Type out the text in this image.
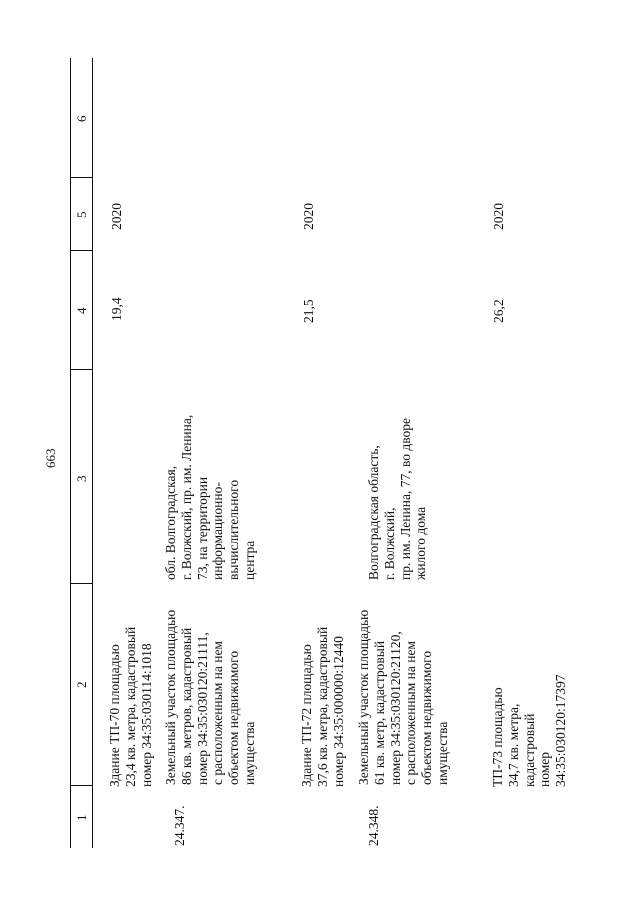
663
6
5
4
3
2
1
Здание ТП-70 площадью
23,4 кв. метра, кадастровый
номер 34:35:030114:1018
19,4
2020
24.347.
Земельный участок площадью
86 кв. метров, кадастровый
номер 34:35:030120:21111,
с расположенным на нем
объектом недвижимого
имущества
обл. Волгоградская,
г. Волжский, пр. им. Ленина,
73, на территории
информационно-
вычислительного
центра
Здание ТП-72 площадью
37,6 кв. метра, кадастровый
номер 34:35:000000:12440
21,5
2020
24.348.
Земельный участок площадью
61 кв. метр, кадастровый
номер 34:35:030120:21120,
с расположенным на нем
объектом недвижимого
имущества
Волгоградская область,
г. Волжский,
пр. им. Ленина, 77, во дворе
жилого дома
ТП-73 площадью
34,7 кв. метра, кадастровый
номер 34:35:030120:17397
26,2
2020
